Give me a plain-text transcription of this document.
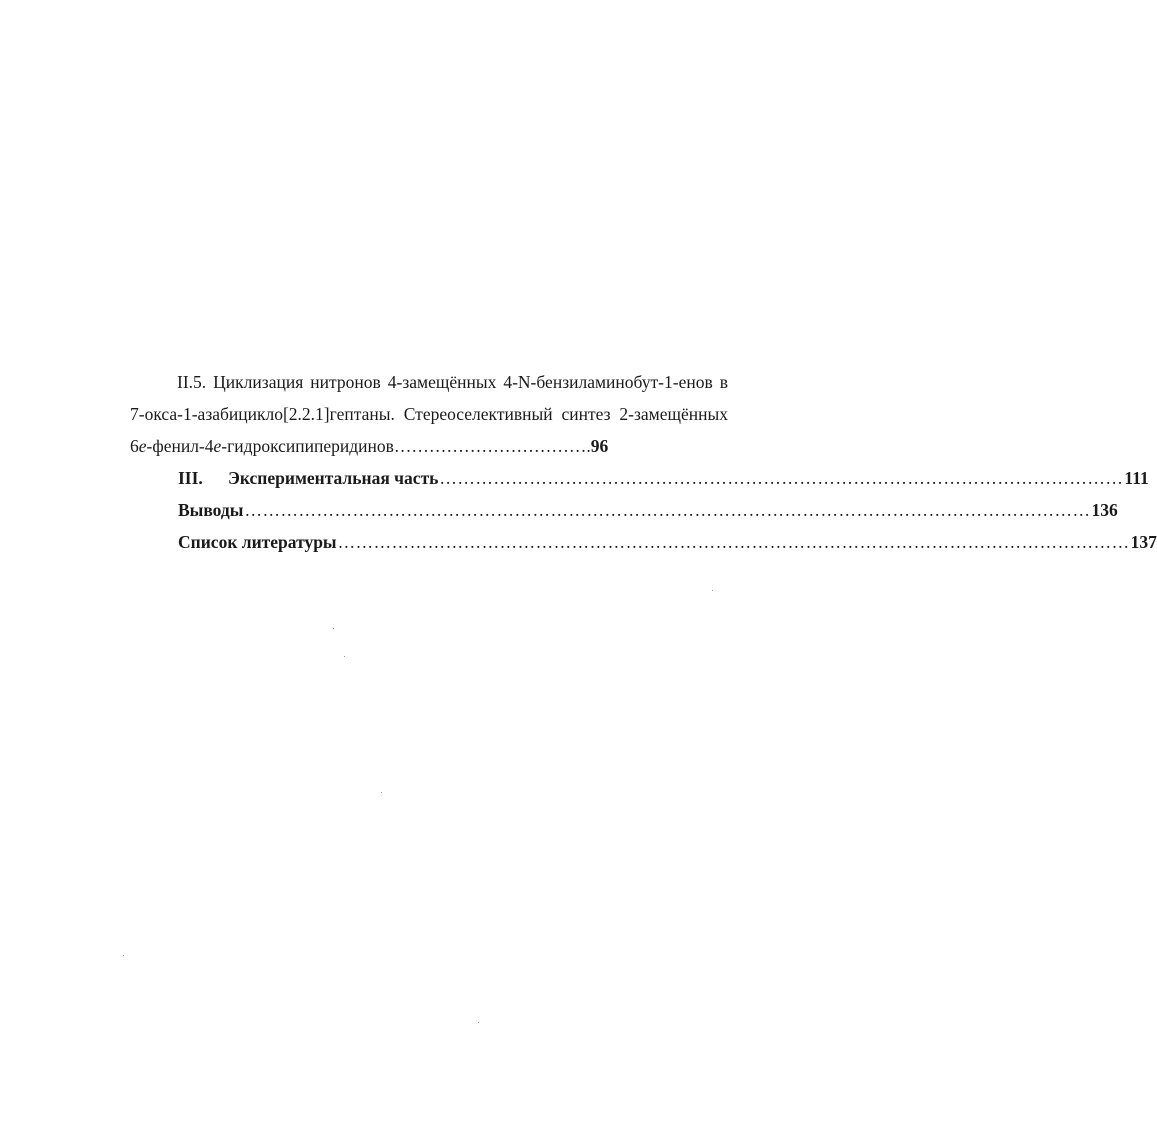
II.5. Циклизация нитронов 4-замещённых 4-N-бензиламинобут-1-енов в 7-окса-1-азабицикло[2.2.1]гептаны. Стереоселективный синтез 2-замещённых 6e-фенил-4e-гидроксипиперидинов…………………………….96

III. Экспериментальная часть …………………………………………………………………………………………………… 111
Выводы …………………………………………………………………………………………………………………………… 136
Список литературы …………………………………………………………………………………………………………………… 137
